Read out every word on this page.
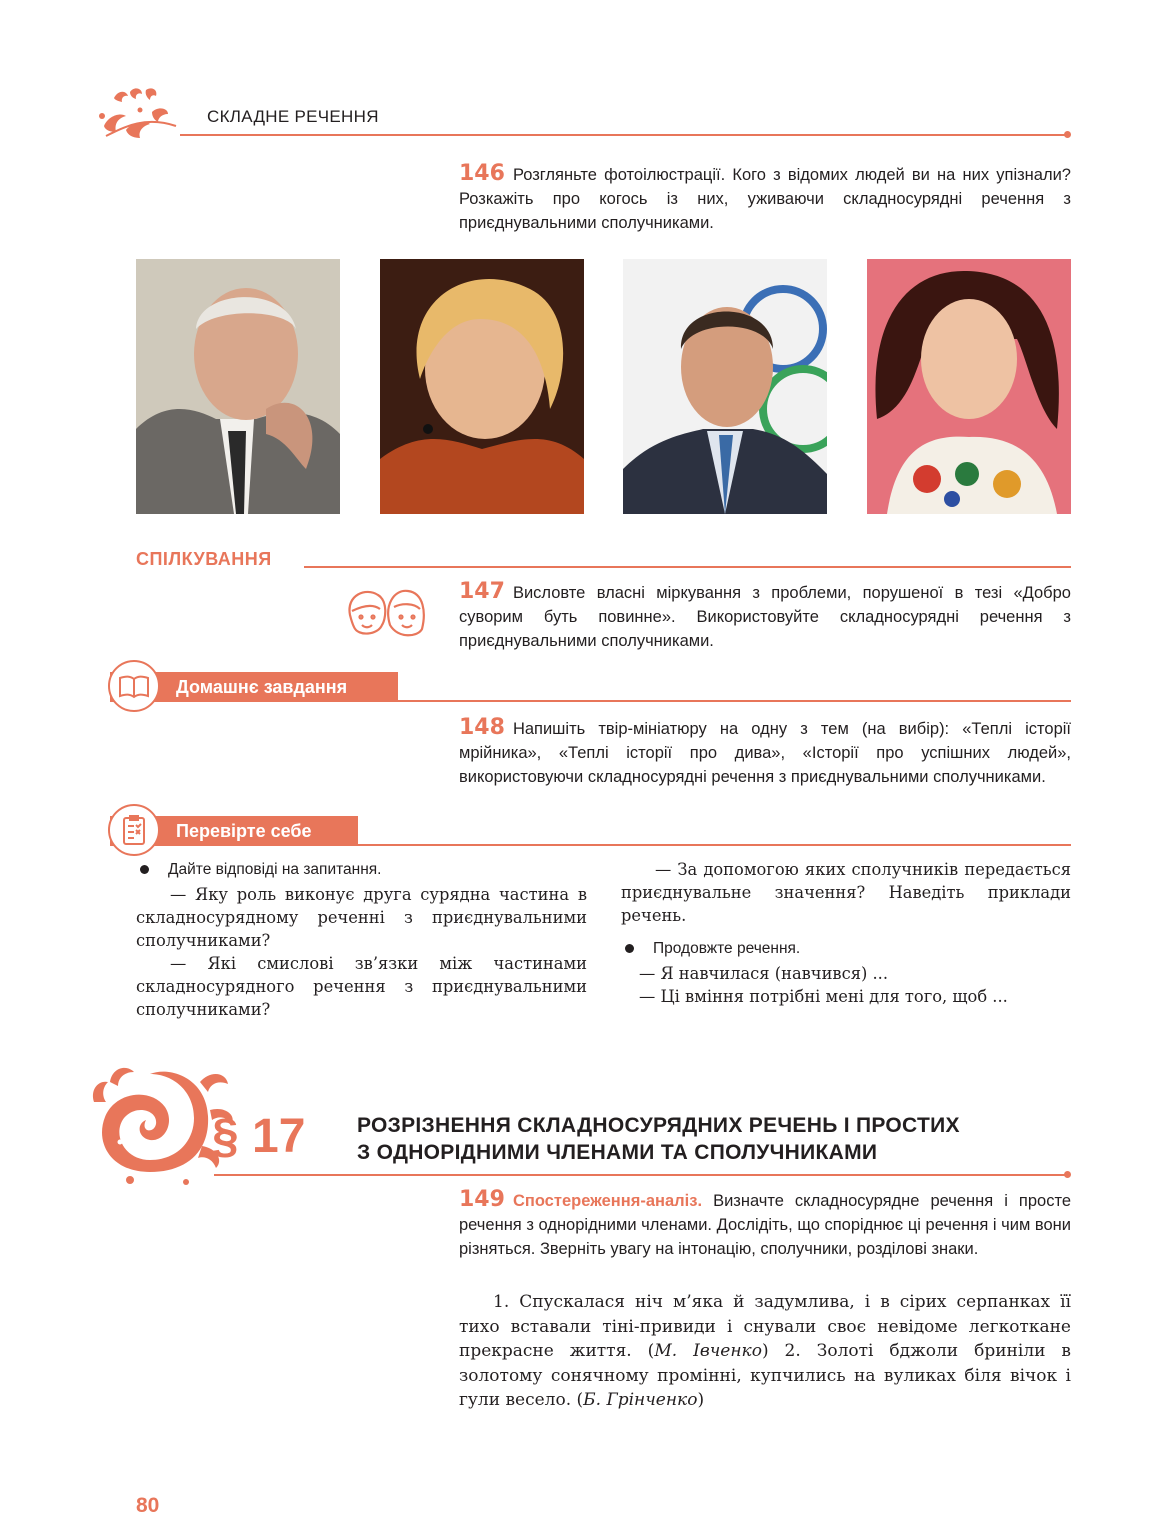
СКЛАДНЕ РЕЧЕННЯ
146 Розгляньте фотоілюстрації. Кого з відомих людей ви на них упізнали? Розкажіть про когось із них, уживаючи складносурядні речення з приєднувальними сполучниками.
СПІЛКУВАННЯ
147 Висловте власні міркування з проблеми, порушеної в тезі «Добро суворим буть повинне». Використовуйте складносурядні речення з приєднувальними сполучниками.
Домашнє завдання
148 Напишіть твір-мініатюру на одну з тем (на вибір): «Теплі історії мрійника», «Теплі історії про дива», «Історії про успішних людей», використовуючи складносурядні речення з приєднувальними сполучниками.
Перевірте себе

Дайте відповіді на запитання.

— Яку роль виконує друга сурядна частина в складносурядному реченні з приєднувальними сполучниками?

— Які смислові зв’язки між частинами складносурядного речення з приєднувальними сполучниками?

— За допомогою яких сполучників передається приєднувальне значення? Наведіть приклади речень.

Продовжте речення.

— Я навчилася (навчився) ...

— Ці вміння потрібні мені для того, щоб ...

§ 17 РОЗРІЗНЕННЯ СКЛАДНОСУРЯДНИХ РЕЧЕНЬ І ПРОСТИХ
З ОДНОРІДНИМИ ЧЛЕНАМИ ТА СПОЛУЧНИКАМИ
149 Спостереження-аналіз. Визначте складносурядне речення і просте речення з однорідними членами. Дослідіть, що споріднює ці речення і чим вони різняться. Зверніть увагу на інтонацію, сполучники, розділові знаки.
1. Спускалася ніч м’яка й задумлива, і в сірих серпанках її тихо вставали тіні-привиди і снували своє невідоме легкоткане прекрасне життя. (М. Івченко) 2. Золоті бджоли бриніли в золотому сонячному промінні, купчились на вуликах біля вічок і гули весело. (Б. Грінченко)
80
